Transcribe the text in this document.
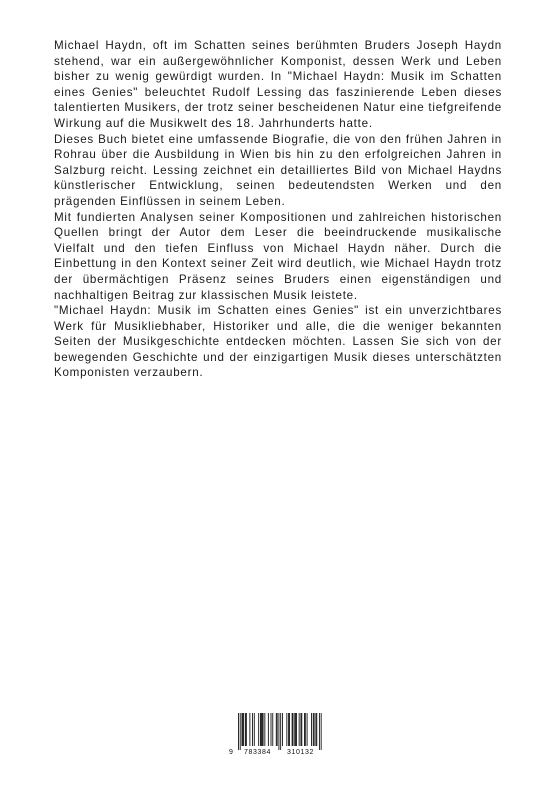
Michael Haydn, oft im Schatten seines berühmten Bruders Joseph Haydn stehend, war ein außergewöhnlicher Komponist, dessen Werk und Leben bisher zu wenig gewürdigt wurden. In "Michael Haydn: Musik im Schatten eines Genies" beleuchtet Rudolf Lessing das faszinierende Leben dieses talentierten Musikers, der trotz seiner bescheidenen Natur eine tiefgreifende Wirkung auf die Musikwelt des 18. Jahrhunderts hatte.

Dieses Buch bietet eine umfassende Biografie, die von den frühen Jahren in Rohrau über die Ausbildung in Wien bis hin zu den erfolgreichen Jahren in Salzburg reicht. Lessing zeichnet ein detailliertes Bild von Michael Haydns künstlerischer Entwicklung, seinen bedeutendsten Werken und den prägenden Einflüssen in seinem Leben.

Mit fundierten Analysen seiner Kompositionen und zahlreichen historischen Quellen bringt der Autor dem Leser die beeindruckende musikalische Vielfalt und den tiefen Einfluss von Michael Haydn näher. Durch die Einbettung in den Kontext seiner Zeit wird deutlich, wie Michael Haydn trotz der übermächtigen Präsenz seines Bruders einen eigenständigen und nachhaltigen Beitrag zur klassischen Musik leistete.

"Michael Haydn: Musik im Schatten eines Genies" ist ein unverzichtbares Werk für Musikliebhaber, Historiker und alle, die die weniger bekannten Seiten der Musikgeschichte entdecken möchten. Lassen Sie sich von der bewegenden Geschichte und der einzigartigen Musik dieses unterschätzten Komponisten verzaubern.

9 783384 310132
